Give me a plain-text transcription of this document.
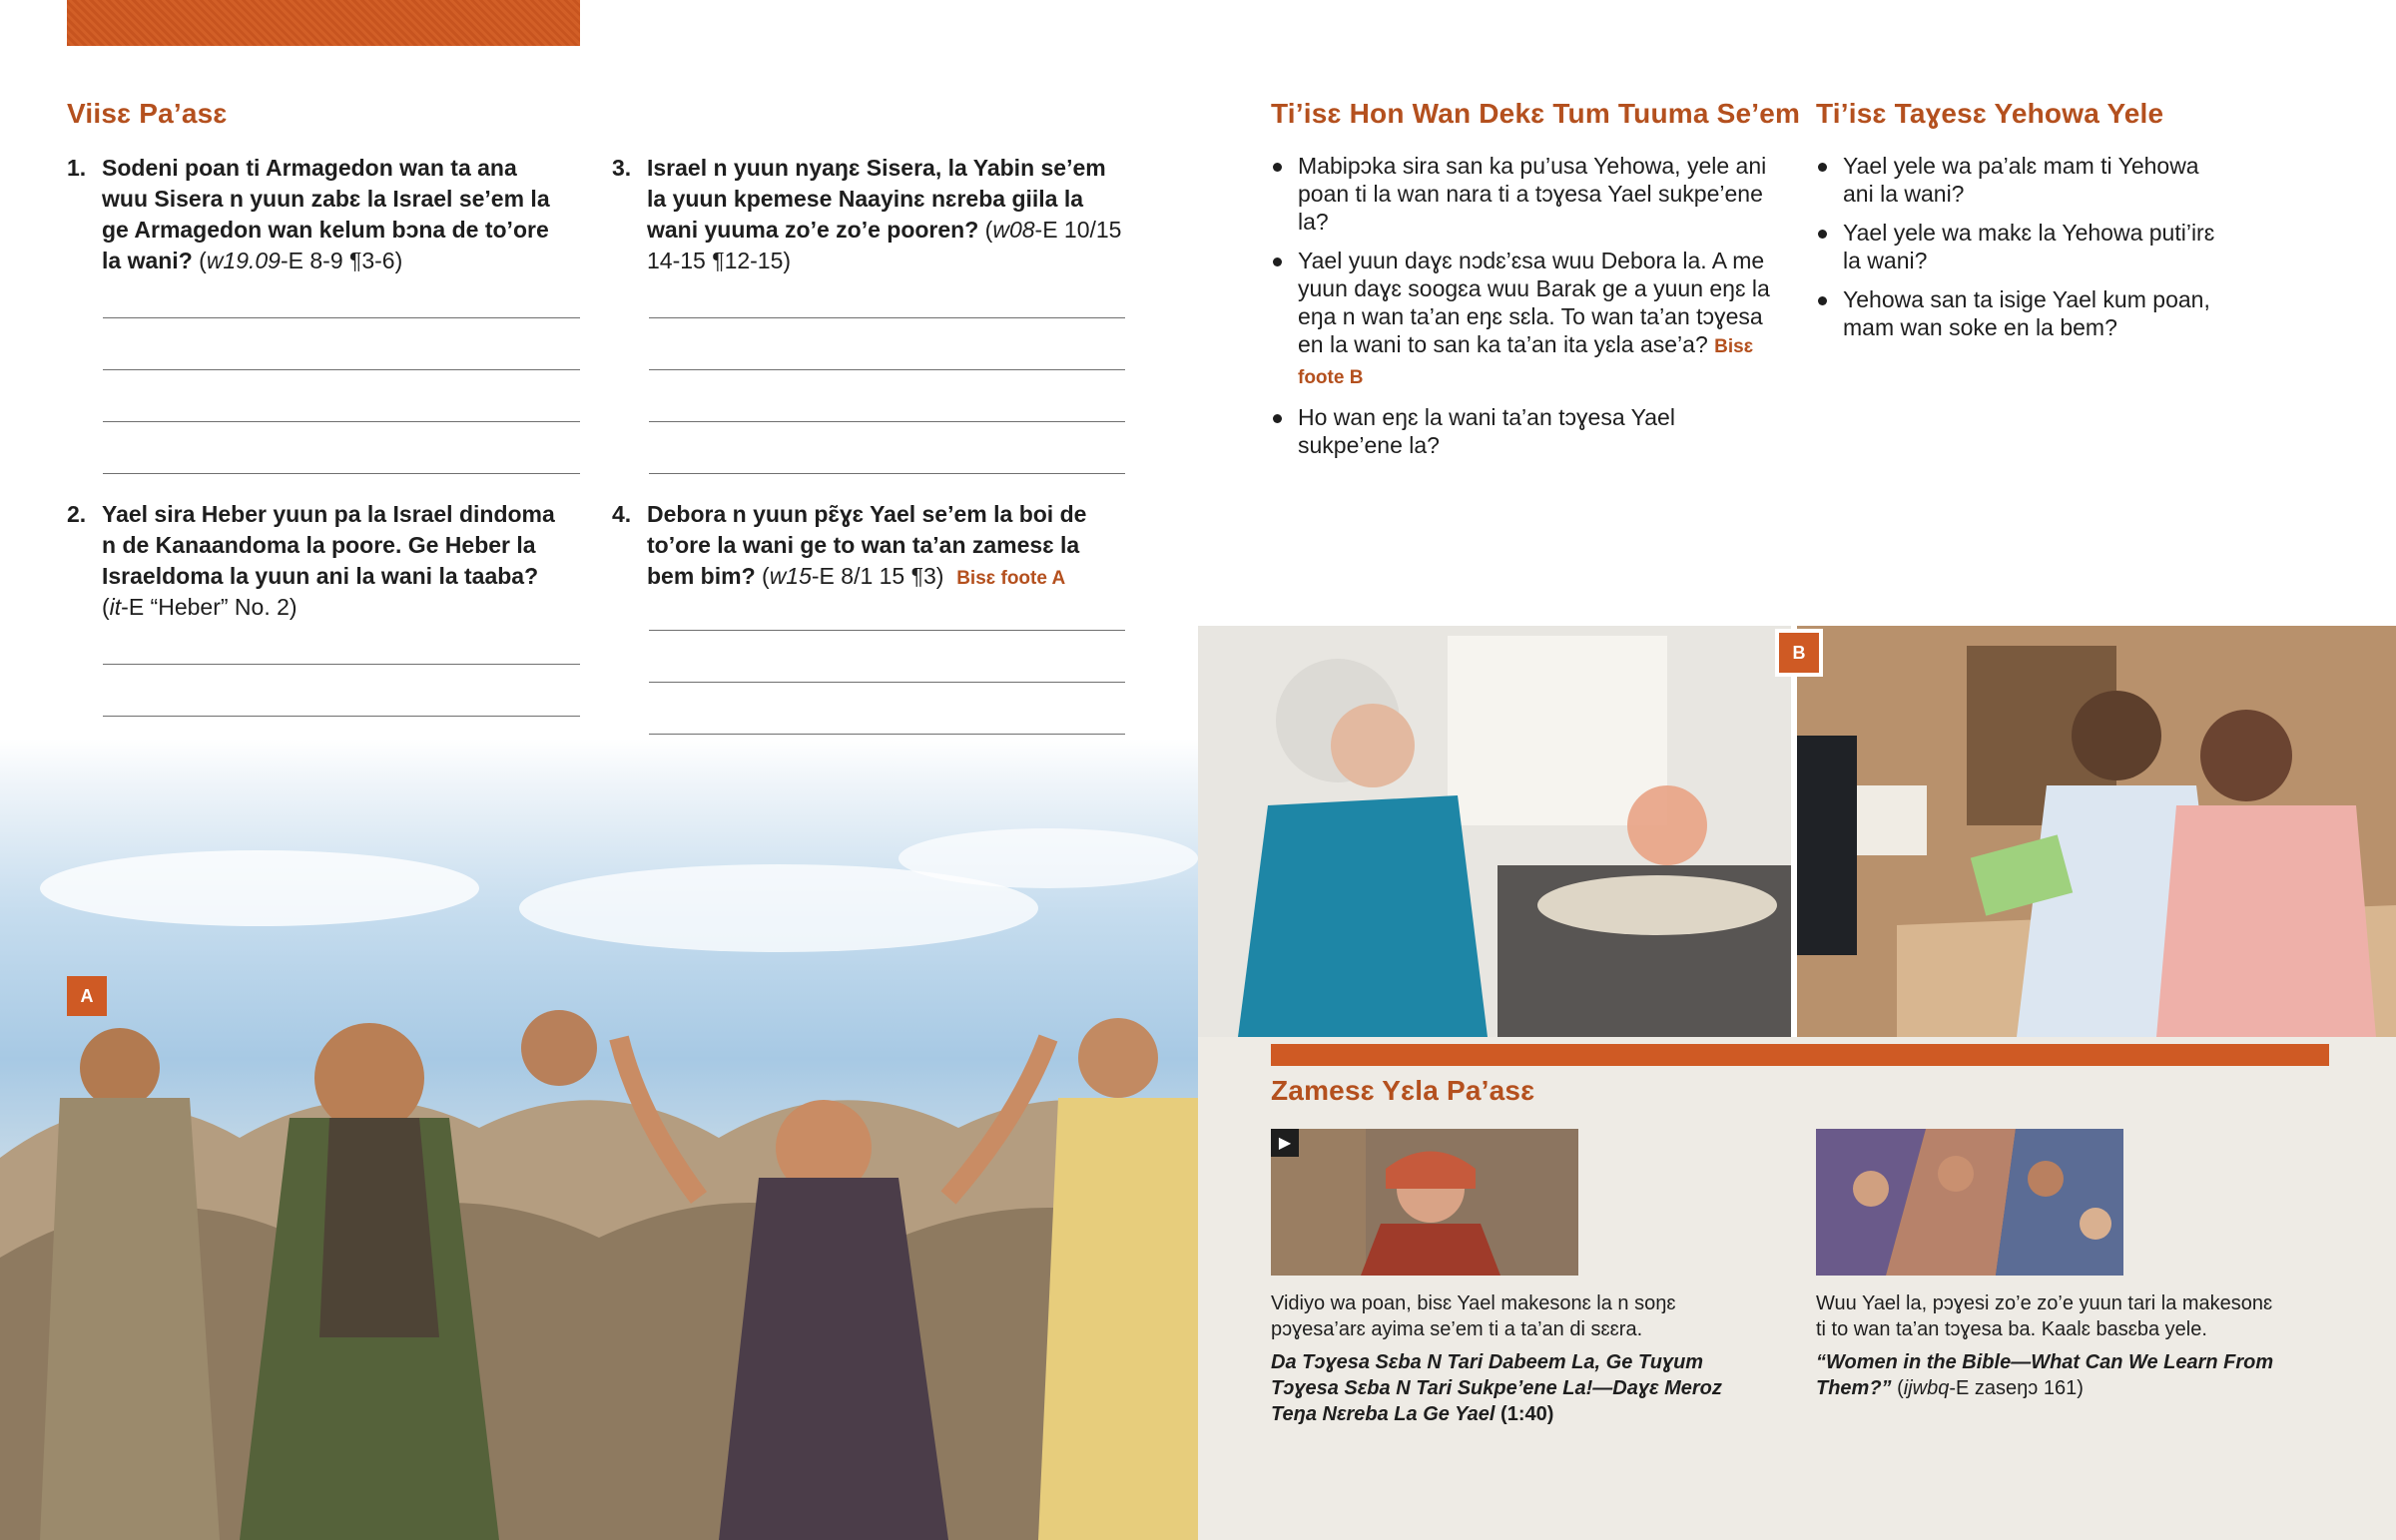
Viisɛ Pa’asɛ
1. Sodeni poan ti Armagedon wan ta ana wuu Sisera n yuun zabɛ la Israel se’em la ge Armagedon wan kelum bɔna de to’ore la wani? (w19.09-E 8-9 ¶3-6)
2. Yael sira Heber yuun pa la Israel dindoma n de Kanaandoma la poore. Ge Heber la Israeldoma la yuun ani la wani la taaba? (it-E “Heber” No. 2)
3. Israel n yuun nyaŋɛ Sisera, la Yabin se’em la yuun kpemese Naayinɛ nɛreba giila la wani yuuma zo’e zo’e pooren? (w08-E 10/15 14-15 ¶12-15)
4. Debora n yuun pɛ̃ɣɛ Yael se’em la boi de to’ore la wani ge to wan ta’an zamesɛ la bem bim? (w15-E 8/1 15 ¶3) Bisɛ foote A
Ti’isɛ Hon Wan Dekɛ Tum Tuuma Se’em
Mabipɔka sira san ka pu’usa Yehowa, yele ani poan ti la wan nara ti a tɔɣesa Yael sukpe’ene la?
Yael yuun daɣɛ nɔdɛ’ɛsa wuu Debora la. A me yuun daɣɛ soogɛa wuu Barak ge a yuun eŋɛ la eŋa n wan ta’an eŋɛ sɛla. To wan ta’an tɔɣesa en la wani to san ka ta’an ita yɛla ase’a? Bisɛ foote B
Ho wan eŋɛ la wani ta’an tɔɣesa Yael sukpe’ene la?
Ti’isɛ Taɣesɛ Yehowa Yele
Yael yele wa pa’alɛ mam ti Yehowa ani la wani?
Yael yele wa makɛ la Yehowa puti’irɛ la wani?
Yehowa san ta isige Yael kum poan, mam wan soke en la bem?
A
B
Zamesɛ Yɛla Pa’asɛ
▶
Vidiyo wa poan, bisɛ Yael makesonɛ la n soŋɛ pɔɣesa’arɛ ayima se’em ti a ta’an di sɛɛra.
Da Tɔɣesa Sɛba N Tari Dabeem La, Ge Tuɣum Tɔɣesa Sɛba N Tari Sukpe’ene La!—Daɣɛ Meroz Teŋa Nɛreba La Ge Yael (1:40)
Wuu Yael la, pɔɣesi zo’e zo’e yuun tari la makesonɛ ti to wan ta’an tɔɣesa ba. Kaalɛ basɛba yele.
“Women in the Bible—What Can We Learn From Them?” (ijwbq-E zaseŋɔ 161)
